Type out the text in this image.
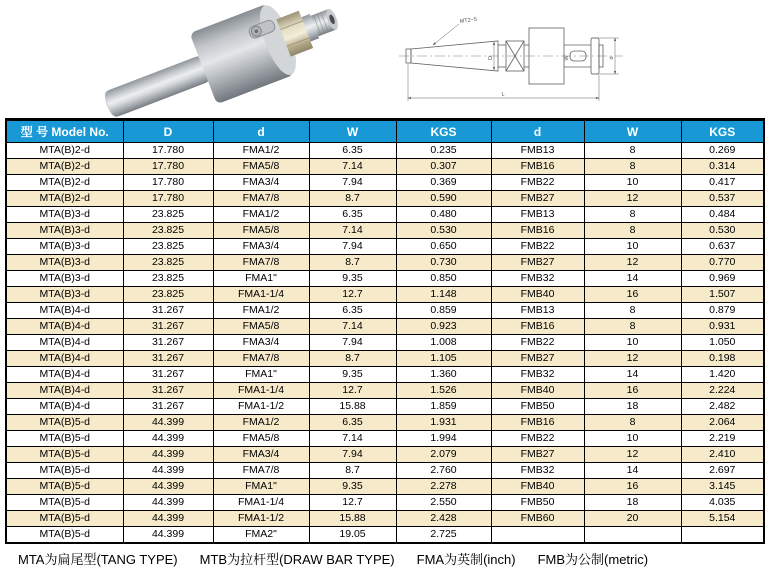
MT2~5
D	W	d
L
型 号 Model No.	D	d	W	KGS	d	W	KGS
MTA(B)2-d	17.780	FMA1/2	6.35	0.235	FMB13	8	0.269
MTA(B)2-d	17.780	FMA5/8	7.14	0.307	FMB16	8	0.314
MTA(B)2-d	17.780	FMA3/4	7.94	0.369	FMB22	10	0.417
MTA(B)2-d	17.780	FMA7/8	8.7	0.590	FMB27	12	0.537
MTA(B)3-d	23.825	FMA1/2	6.35	0.480	FMB13	8	0.484
MTA(B)3-d	23.825	FMA5/8	7.14	0.530	FMB16	8	0.530
MTA(B)3-d	23.825	FMA3/4	7.94	0.650	FMB22	10	0.637
MTA(B)3-d	23.825	FMA7/8	8.7	0.730	FMB27	12	0.770
MTA(B)3-d	23.825	FMA1"	9.35	0.850	FMB32	14	0.969
MTA(B)3-d	23.825	FMA1-1/4	12.7	1.148	FMB40	16	1.507
MTA(B)4-d	31.267	FMA1/2	6.35	0.859	FMB13	8	0.879
MTA(B)4-d	31.267	FMA5/8	7.14	0.923	FMB16	8	0.931
MTA(B)4-d	31.267	FMA3/4	7.94	1.008	FMB22	10	1.050
MTA(B)4-d	31.267	FMA7/8	8.7	1.105	FMB27	12	0.198
MTA(B)4-d	31.267	FMA1"	9.35	1.360	FMB32	14	1.420
MTA(B)4-d	31.267	FMA1-1/4	12.7	1.526	FMB40	16	2.224
MTA(B)4-d	31.267	FMA1-1/2	15.88	1.859	FMB50	18	2.482
MTA(B)5-d	44.399	FMA1/2	6.35	1.931	FMB16	8	2.064
MTA(B)5-d	44.399	FMA5/8	7.14	1.994	FMB22	10	2.219
MTA(B)5-d	44.399	FMA3/4	7.94	2.079	FMB27	12	2.410
MTA(B)5-d	44.399	FMA7/8	8.7	2.760	FMB32	14	2.697
MTA(B)5-d	44.399	FMA1"	9.35	2.278	FMB40	16	3.145
MTA(B)5-d	44.399	FMA1-1/4	12.7	2.550	FMB50	18	4.035
MTA(B)5-d	44.399	FMA1-1/2	15.88	2.428	FMB60	20	5.154
MTA(B)5-d	44.399	FMA2"	19.05	2.725			
MTA为扁尾型(TANG TYPE) MTB为拉杆型(DRAW BAR TYPE) FMA为英制(inch) FMB为公制(metric)
